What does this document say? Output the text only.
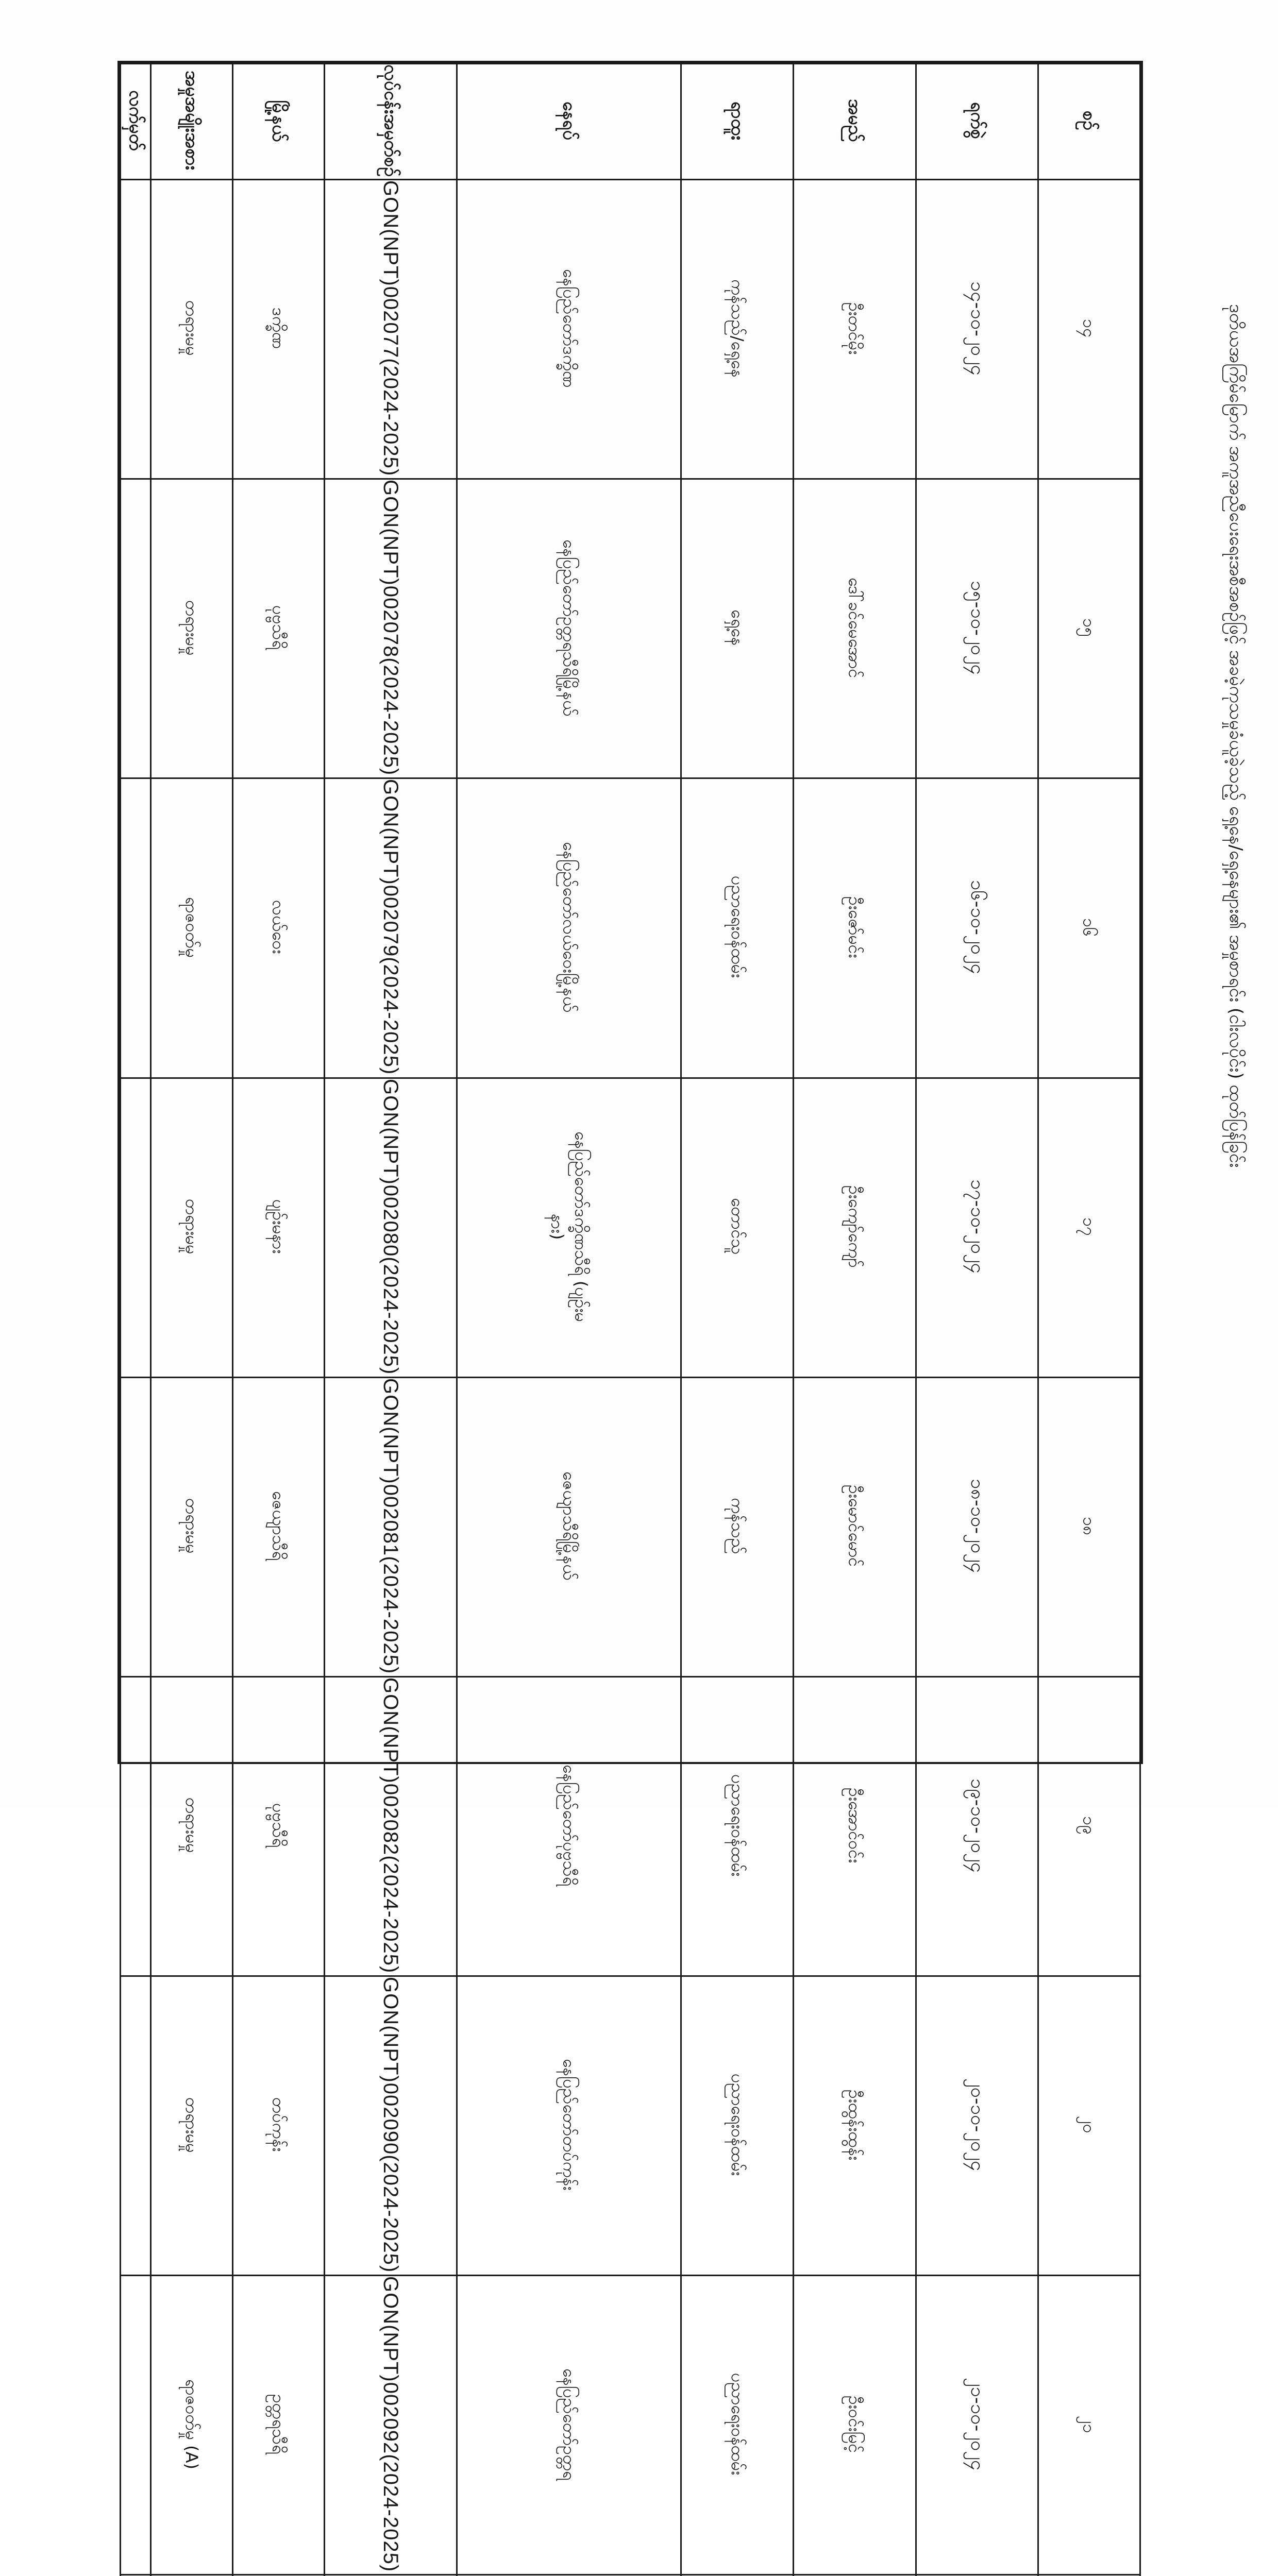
ဒုတိယအကြိမ်မြောက် အကူအညီပေးရေးအစီအစဉ်ဖြင့် အခမဲ့ကုသမှုခံယူခဲ့သည့် ရှေ့နေ/ရှေ့နေများ၏ အမှုစာရင်း (ငါးလပိုင်း) ထုတ်ပြန်ခြင်း
စဉ်	ရက်စွဲ	အမည်	ရာထူး	နေရပ်	လုပ်ငန်းအမှတ်စဉ်	မြို့နယ်	အမှုအမျိုးအစား	လက်မှတ်
၁၄	၁၄-၁၀-၂၀၂၄	ဦးတင်မိုး	ကုန်သည်/ရှေ့နေ	နေပြည်တော်ဒက္ခိဏ	GON(NPT)002077(2024-2025)	ဒက္ခိဏ	တရားမမှု	
၁၅	၁၅-၁၀-၂၀၂၄	ဒေါ်ခင်မေအောင်	ရှေ့နေ	နေပြည်တော်ဥတ္တရသီရိမြို့နယ်	GON(NPT)002078(2024-2025)	ပုဗ္ဗသီရိ	တရားမမှု	
၁၆	၁၆-၁၀-၂၀၂၄	ဦးဇော်မင်း	ပညာရေးဝန်ထမ်း	နေပြည်တော်လယ်ဝေးမြို့နယ်	GON(NPT)002079(2024-2025)	လယ်ဝေး	ရာဇဝတ်မှု	
၁၇	၁၇-၁၀-၂၀၂၄	ဦးကျော်ကျော်	တောင်သူ	နေပြည်တော်ဒက္ခိဏသီရိ (ပျဉ်းမနား)	GON(NPT)002080(2024-2025)	ပျဉ်းမနား	တရားမမှု	
၁၈	၁၈-၁၀-၂၀၂၄	ဦးမောင်မောင်	ကုန်သည်	ဇေယျာသီရိမြို့နယ်	GON(NPT)002081(2024-2025)	ဇေယျာသီရိ	တရားမမှု	
၁၉	၁၉-၁၀-၂၀၂၄	ဦးအောင်ဝင်း	ပညာရေးဝန်ထမ်း	နေပြည်တော်ပုဗ္ဗသီရိ	GON(NPT)002082(2024-2025)	ပုဗ္ဗသီရိ	တရားမမှု	
၂၀	၂၀-၁၀-၂၀၂၄	ဦးထွန်းထွန်း	ပညာရေးဝန်ထမ်း	နေပြည်တော်တပ်ကုန်း	GON(NPT)002090(2024-2025)	တပ်ကုန်း	တရားမမှု	
၂၁	၂၁-၁၀-၂၀၂၄	ဦးဝင်းမြင့်	ပညာရေးဝန်ထမ်း	နေပြည်တော်ဥတ္တရ	GON(NPT)002092(2024-2025)	ဥတ္တရသီရိ	ရာဇဝတ်မှု (A)	
